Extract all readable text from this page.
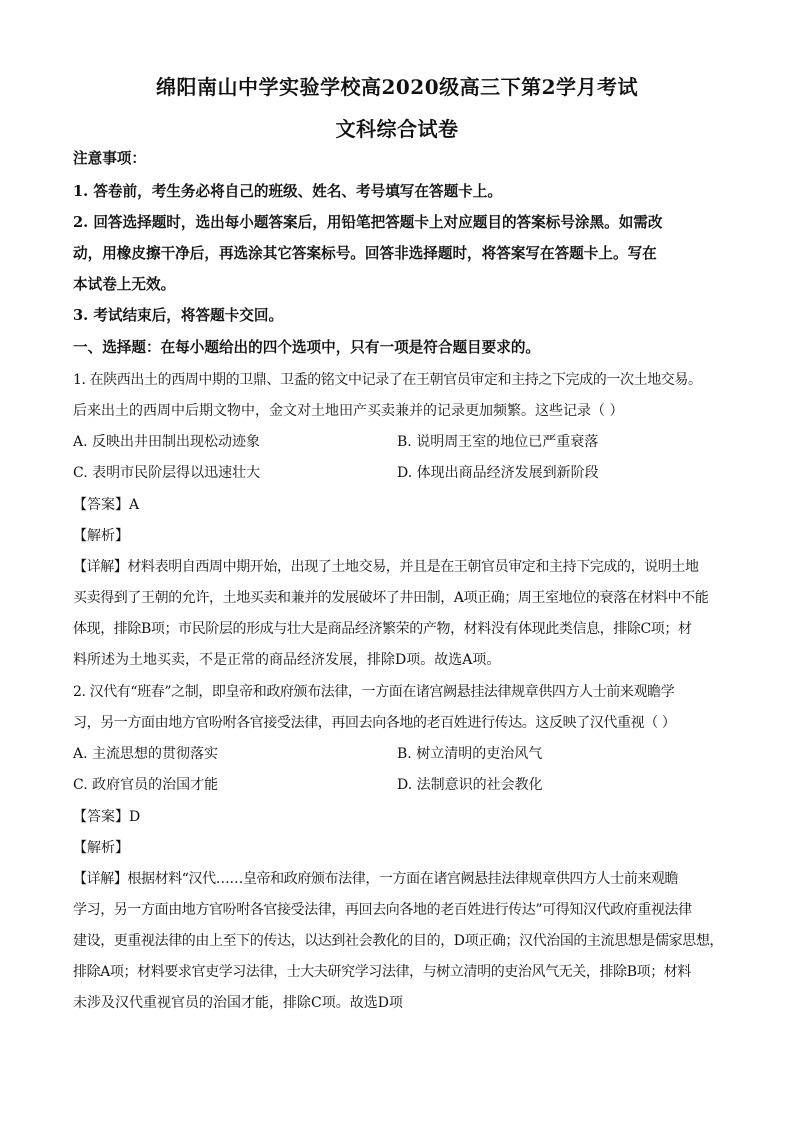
绵阳南山中学实验学校高2020级高三下第2学月考试
文科综合试卷
注意事项：
1. 答卷前，考生务必将自己的班级、姓名、考号填写在答题卡上。
2. 回答选择题时，选出每小题答案后，用铅笔把答题卡上对应题目的答案标号涂黑。如需改
动，用橡皮擦干净后，再选涂其它答案标号。回答非选择题时，将答案写在答题卡上。写在
本试卷上无效。
3. 考试结束后，将答题卡交回。
一、选择题：在每小题给出的四个选项中，只有一项是符合题目要求的。
1. 在陕西出土的西周中期的卫鼎、卫盉的铭文中记录了在王朝官员审定和主持之下完成的一次土地交易。
后来出土的西周中后期文物中，金文对土地田产买卖兼并的记录更加频繁。这些记录（ ）
A. 反映出井田制出现松动迹象	B. 说明周王室的地位已严重衰落
C. 表明市民阶层得以迅速壮大	D. 体现出商品经济发展到新阶段
【答案】A
【解析】
【详解】材料表明自西周中期开始，出现了土地交易，并且是在王朝官员审定和主持下完成的，说明土地
买卖得到了王朝的允许，土地买卖和兼并的发展破坏了井田制，A项正确；周王室地位的衰落在材料中不能
体现，排除B项；市民阶层的形成与壮大是商品经济繁荣的产物，材料没有体现此类信息，排除C项；材
料所述为土地买卖，不是正常的商品经济发展，排除D项。故选A项。
2. 汉代有“班春”之制，即皇帝和政府颁布法律，一方面在诸宫阙悬挂法律规章供四方人士前来观瞻学
习，另一方面由地方官吩咐各官接受法律，再回去向各地的老百姓进行传达。这反映了汉代重视（ ）
A. 主流思想的贯彻落实	B. 树立清明的吏治风气
C. 政府官员的治国才能	D. 法制意识的社会教化
【答案】D
【解析】
【详解】根据材料“汉代……皇帝和政府颁布法律，一方面在诸宫阙悬挂法律规章供四方人士前来观瞻
学习，另一方面由地方官吩咐各官接受法律，再回去向各地的老百姓进行传达”可得知汉代政府重视法律
建设，更重视法律的由上至下的传达，以达到社会教化的目的，D项正确；汉代治国的主流思想是儒家思想，
排除A项；材料要求官吏学习法律，士大夫研究学习法律，与树立清明的吏治风气无关，排除B项；材料
未涉及汉代重视官员的治国才能，排除C项。故选D项
